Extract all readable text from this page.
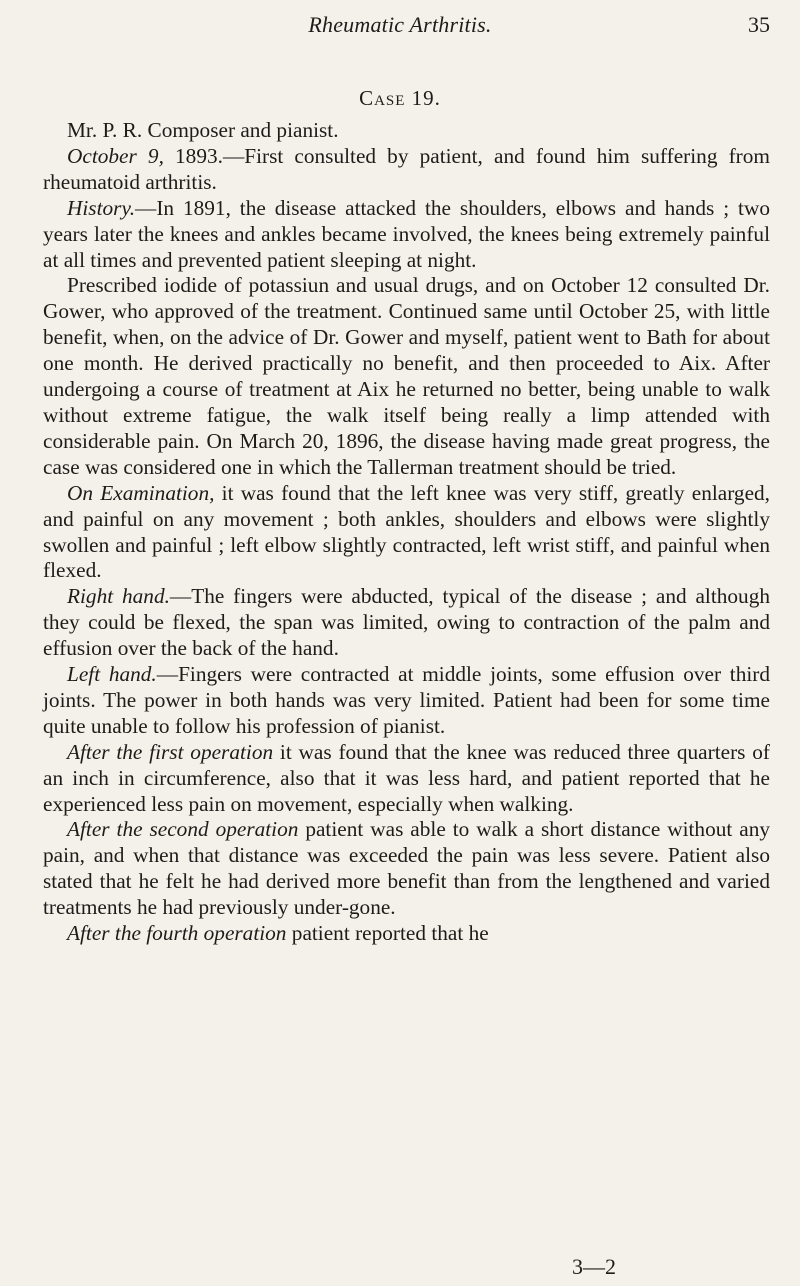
Rheumatic Arthritis.	35
Case 19.

Mr. P. R. Composer and pianist.

October 9, 1893.—First consulted by patient, and found him suffering from rheumatoid arthritis.

History.—In 1891, the disease attacked the shoulders, elbows and hands ; two years later the knees and ankles became involved, the knees being extremely painful at all times and prevented patient sleeping at night.

Prescribed iodide of potassiun and usual drugs, and on October 12 consulted Dr. Gower, who approved of the treatment. Continued same until October 25, with little benefit, when, on the advice of Dr. Gower and myself, patient went to Bath for about one month. He derived practically no benefit, and then proceeded to Aix. After undergoing a course of treatment at Aix he returned no better, being unable to walk without extreme fatigue, the walk itself being really a limp attended with considerable pain. On March 20, 1896, the disease having made great progress, the case was considered one in which the Tallerman treatment should be tried.

On Examination, it was found that the left knee was very stiff, greatly enlarged, and painful on any movement ; both ankles, shoulders and elbows were slightly swollen and painful ; left elbow slightly contracted, left wrist stiff, and painful when flexed.

Right hand.—The fingers were abducted, typical of the disease ; and although they could be flexed, the span was limited, owing to contraction of the palm and effusion over the back of the hand.

Left hand.—Fingers were contracted at middle joints, some effusion over third joints. The power in both hands was very limited. Patient had been for some time quite unable to follow his profession of pianist.

After the first operation it was found that the knee was reduced three quarters of an inch in circumference, also that it was less hard, and patient reported that he experienced less pain on movement, especially when walking.

After the second operation patient was able to walk a short distance without any pain, and when that distance was exceeded the pain was less severe. Patient also stated that he felt he had derived more benefit than from the lengthened and varied treatments he had previously under-gone.

After the fourth operation patient reported that he

3—2
